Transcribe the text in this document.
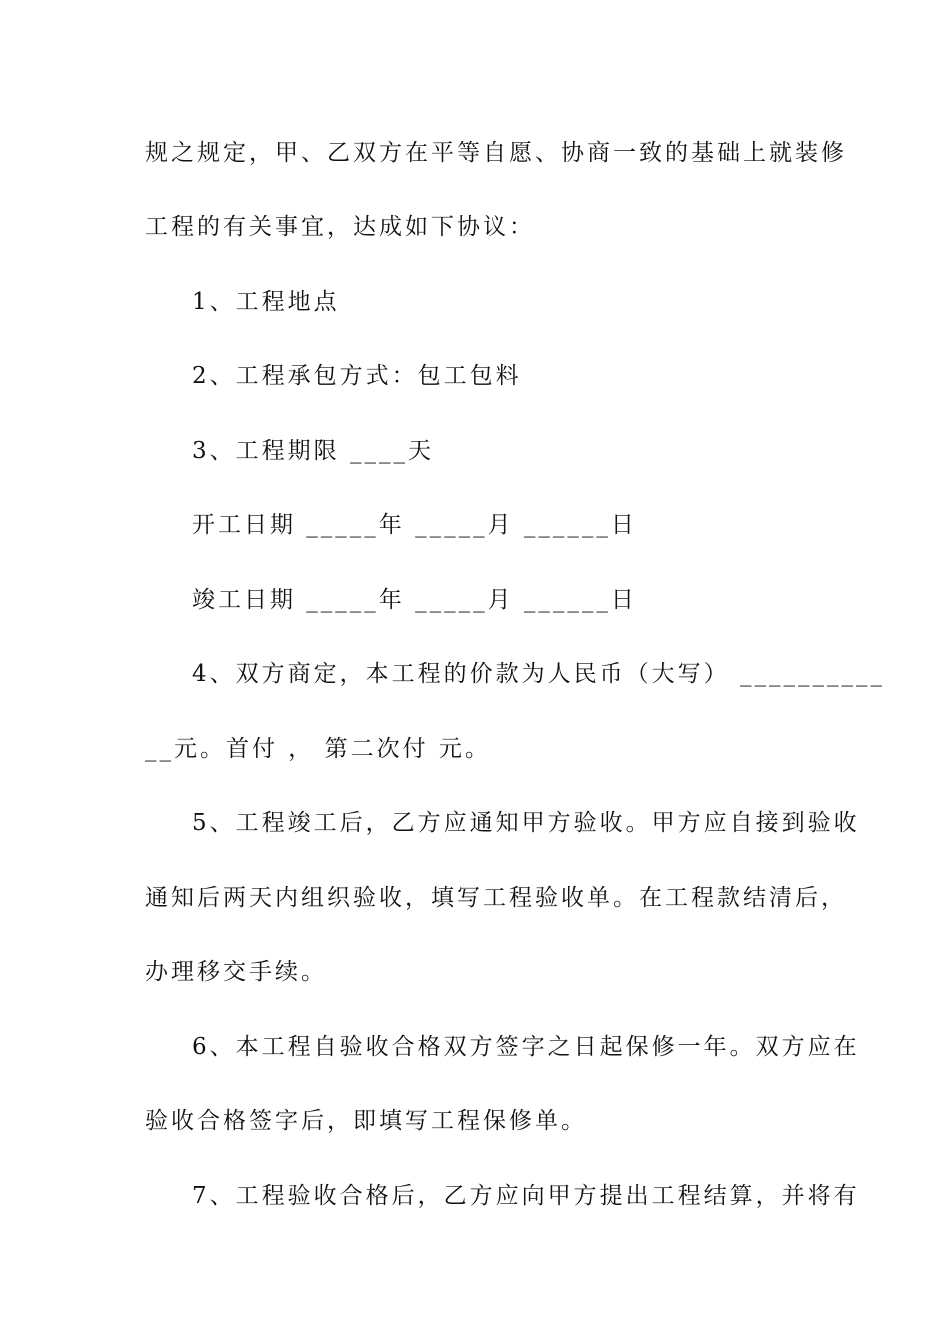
规之规定，甲、乙双方在平等自愿、协商一致的基础上就装修
工程的有关事宜，达成如下协议：
1、工程地点
2、工程承包方式：包工包料
3、工程期限 ____天
开工日期 _____年 _____月 ______日
竣工日期 _____年 _____月 ______日
4、双方商定，本工程的价款为人民币（大写） __________
__元。首付 ， 第二次付 元。
5、工程竣工后，乙方应通知甲方验收。甲方应自接到验收
通知后两天内组织验收，填写工程验收单。在工程款结清后，
办理移交手续。
6、本工程自验收合格双方签字之日起保修一年。双方应在
验收合格签字后，即填写工程保修单。
7、工程验收合格后，乙方应向甲方提出工程结算，并将有
